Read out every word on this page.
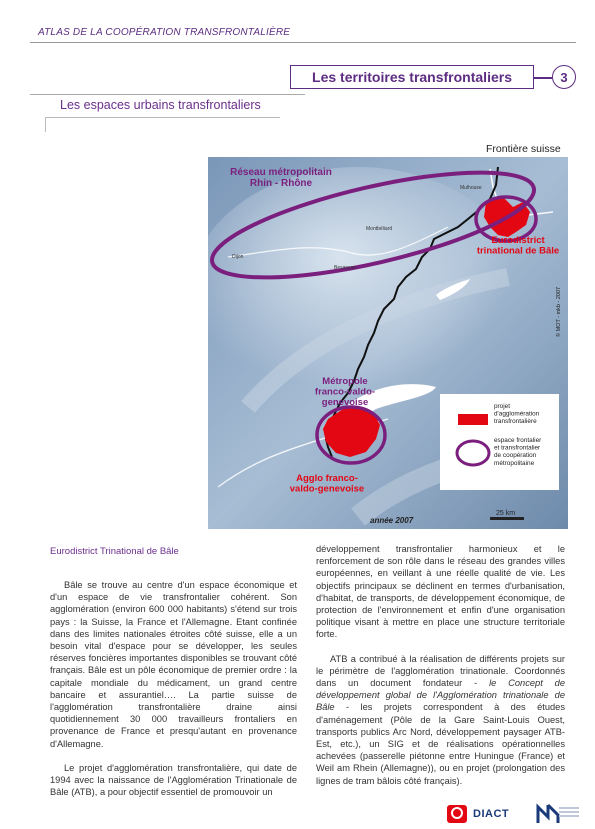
ATLAS DE LA COOPÉRATION TRANSFRONTALIÈRE
Les territoires transfrontaliers	3
Les espaces urbains transfrontaliers
Frontière suisse
Mulhouse
Dijon
Montbéliard
Besançon
Réseau métropolitain Rhin - Rhône
Eurodistrict trinational de Bâle
Métropole franco-valdo-genevoise
Agglo franco-valdo-genevoise
© MOT - mkb - 2007
projet d'agglomération transfrontalière
espace frontalier et transfrontalier de coopération métropolitaine
année 2007
25 km
Eurodistrict Trinational de Bâle

Bâle se trouve au centre d'un espace économique et d'un espace de vie transfrontalier cohérent. Son agglomération (environ 600 000 habitants) s'étend sur trois pays : la Suisse, la France et l'Allemagne. Etant confinée dans des limites nationales étroites côté suisse, elle a un besoin vital d'espace pour se développer, les seules réserves foncières importantes disponibles se trouvant côté français. Bâle est un pôle économique de premier ordre : la capitale mondiale du médicament, un grand centre bancaire et assurantiel…. La partie suisse de l'agglomération transfrontalière draine ainsi quotidiennement 30 000 travailleurs frontaliers en provenance de France et presqu'autant en provenance d'Allemagne.

Le projet d'agglomération transfrontalière, qui date de 1994 avec la naissance de l'Agglomération Trinationale de Bâle (ATB), a pour objectif essentiel de promouvoir un

développement transfrontalier harmonieux et le renforcement de son rôle dans le réseau des grandes villes européennes, en veillant à une réelle qualité de vie. Les objectifs principaux se déclinent en termes d'urbanisation, d'habitat, de transports, de développement économique, de protection de l'environnement et enfin d'une organisation politique visant à mettre en place une structure territoriale forte.

ATB a contribué à la réalisation de différents projets sur le périmètre de l'agglomération trinationale. Coordonnés dans un document fondateur - le Concept de développement global de l'Agglomération trinationale de Bâle - les projets correspondent à des études d'aménagement (Pôle de la Gare Saint-Louis Ouest, transports publics Arc Nord, développement paysager ATB-Est, etc.), un SIG et de réalisations opérationnelles achevées (passerelle piétonne entre Huningue (France) et Weil am Rhein (Allemagne)), ou en projet (prolongation des lignes de tram bâlois côté français).

DIACT
